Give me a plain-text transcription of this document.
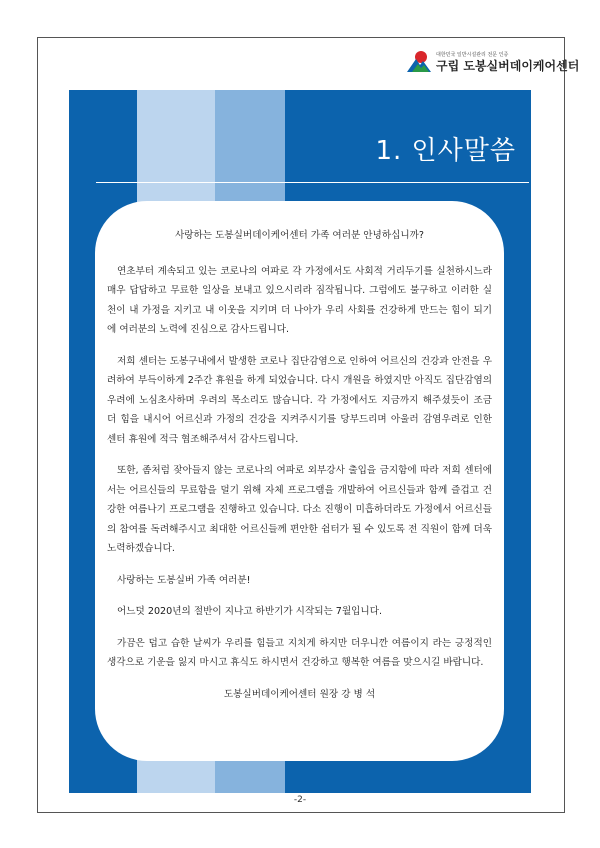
대한민국 일반시설관리 전문 인증
구립 도봉실버데이케어센터
1. 인사말씀

사랑하는 도봉실버데이케어센터 가족 여러분 안녕하십니까?

연초부터 계속되고 있는 코로나의 여파로 각 가정에서도 사회적 거리두기를 실천하시느라 매우 답답하고 무료한 일상을 보내고 있으시리라 짐작됩니다. 그럼에도 불구하고 이러한 실천이 내 가정을 지키고 내 이웃을 지키며 더 나아가 우리 사회를 건강하게 만드는 힘이 되기에 여러분의 노력에 진심으로 감사드립니다.

저희 센터는 도봉구내에서 발생한 코로나 집단감염으로 인하여 어르신의 건강과 안전을 우려하여 부득이하게 2주간 휴원을 하게 되었습니다. 다시 개원을 하였지만 아직도 집단감염의 우려에 노심초사하며 우려의 목소리도 많습니다. 각 가정에서도 지금까지 해주셨듯이 조금 더 힘을 내시어 어르신과 가정의 건강을 지켜주시기를 당부드리며 아울러 감염우려로 인한 센터 휴원에 적극 협조해주셔서 감사드립니다.

또한, 좀처럼 잦아들지 않는 코로나의 여파로 외부강사 출입을 금지함에 따라 저희 센터에서는 어르신들의 무료함을 덜기 위해 자체 프로그램을 개발하여 어르신들과 함께 즐겁고 건강한 여름나기 프로그램을 진행하고 있습니다. 다소 진행이 미흡하더라도 가정에서 어르신들의 참여를 독려해주시고 최대한 어르신들께 편안한 쉼터가 될 수 있도록 전 직원이 함께 더욱 노력하겠습니다.

사랑하는 도봉실버 가족 여러분!

어느덧 2020년의 절반이 지나고 하반기가 시작되는 7월입니다.

가끔은 덥고 습한 날씨가 우리를 힘들고 지치게 하지만 더우니깐 여름이지 라는 긍정적인 생각으로 기운을 잃지 마시고 휴식도 하시면서 건강하고 행복한 여름을 맞으시길 바랍니다.

도봉실버데이케어센터 원장 강 병 석

-2-
